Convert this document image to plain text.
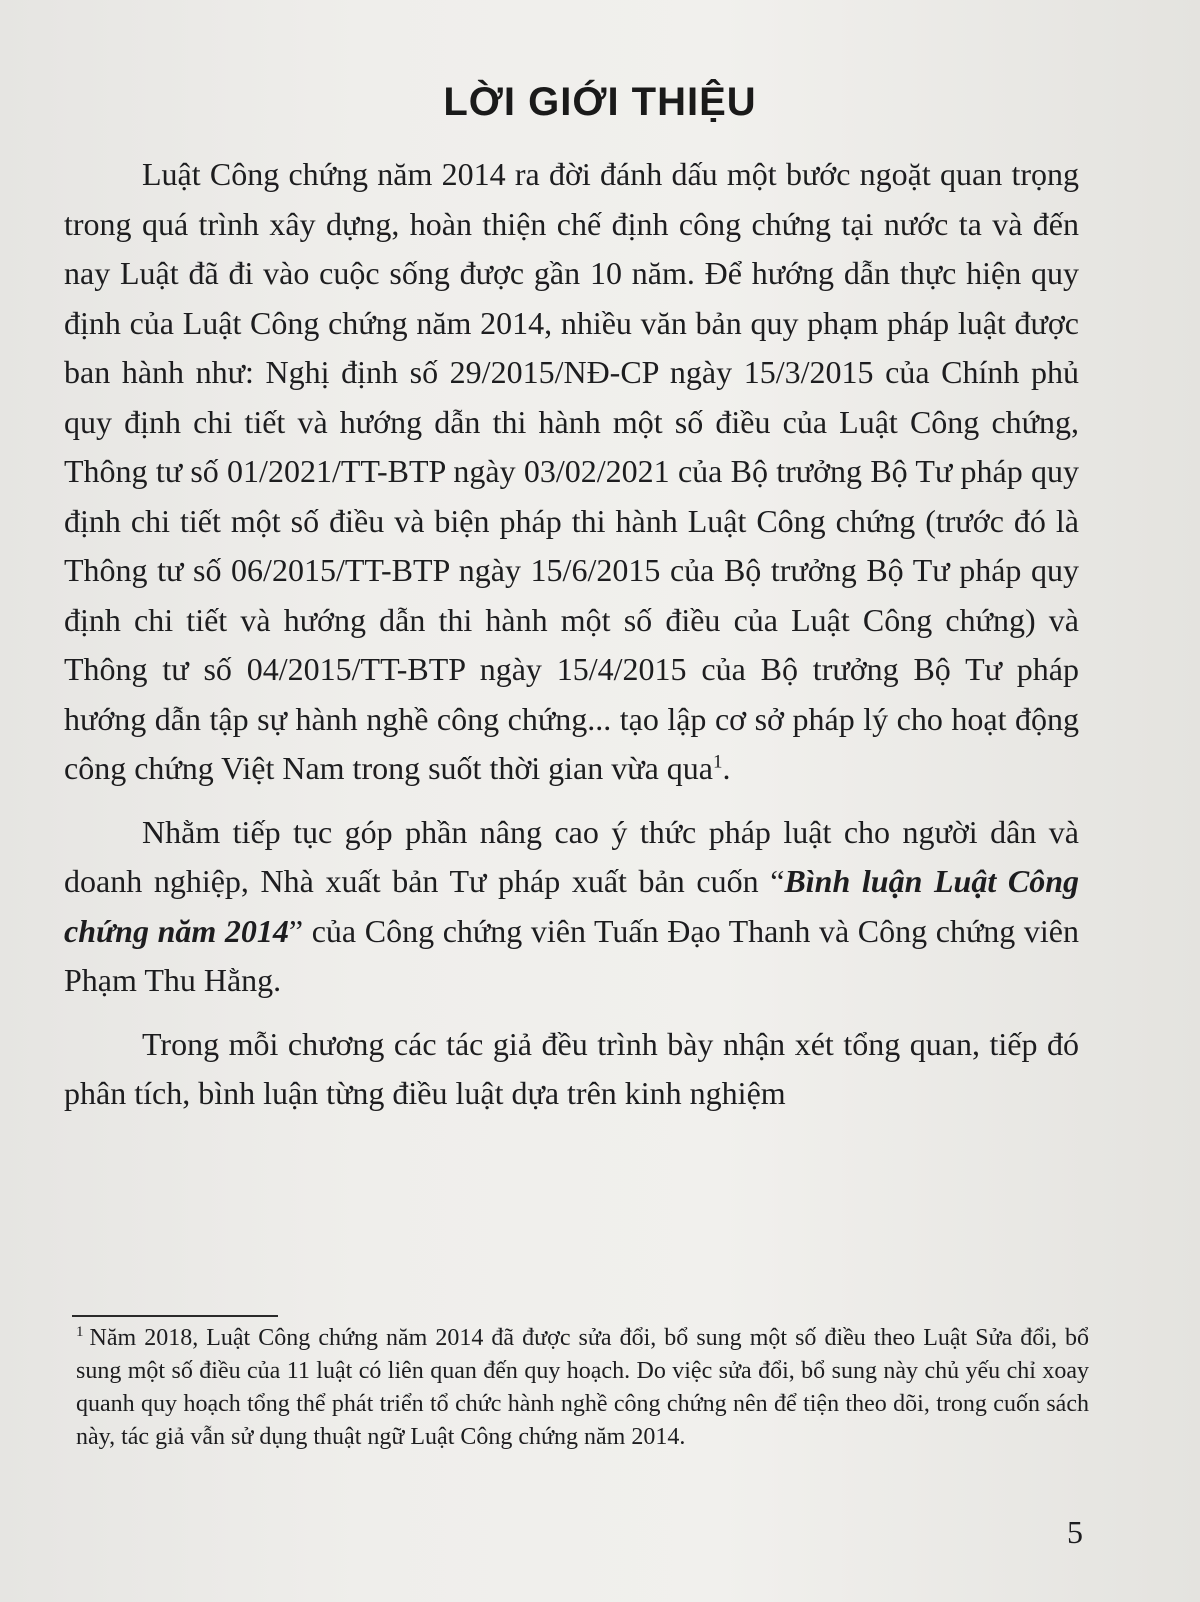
LỜI GIỚI THIỆU

Luật Công chứng năm 2014 ra đời đánh dấu một bước ngoặt quan trọng trong quá trình xây dựng, hoàn thiện chế định công chứng tại nước ta và đến nay Luật đã đi vào cuộc sống được gần 10 năm. Để hướng dẫn thực hiện quy định của Luật Công chứng năm 2014, nhiều văn bản quy phạm pháp luật được ban hành như: Nghị định số 29/2015/NĐ-CP ngày 15/3/2015 của Chính phủ quy định chi tiết và hướng dẫn thi hành một số điều của Luật Công chứng, Thông tư số 01/2021/TT-BTP ngày 03/02/2021 của Bộ trưởng Bộ Tư pháp quy định chi tiết một số điều và biện pháp thi hành Luật Công chứng (trước đó là Thông tư số 06/2015/TT-BTP ngày 15/6/2015 của Bộ trưởng Bộ Tư pháp quy định chi tiết và hướng dẫn thi hành một số điều của Luật Công chứng) và Thông tư số 04/2015/TT-BTP ngày 15/4/2015 của Bộ trưởng Bộ Tư pháp hướng dẫn tập sự hành nghề công chứng... tạo lập cơ sở pháp lý cho hoạt động công chứng Việt Nam trong suốt thời gian vừa qua$^1$.

Nhằm tiếp tục góp phần nâng cao ý thức pháp luật cho người dân và doanh nghiệp, Nhà xuất bản Tư pháp xuất bản cuốn “Bình luận Luật Công chứng năm 2014” của Công chứng viên Tuấn Đạo Thanh và Công chứng viên Phạm Thu Hằng.

Trong mỗi chương các tác giả đều trình bày nhận xét tổng quan, tiếp đó phân tích, bình luận từng điều luật dựa trên kinh nghiệm

$^1$ Năm 2018, Luật Công chứng năm 2014 đã được sửa đổi, bổ sung một số điều theo Luật Sửa đổi, bổ sung một số điều của 11 luật có liên quan đến quy hoạch. Do việc sửa đổi, bổ sung này chủ yếu chỉ xoay quanh quy hoạch tổng thể phát triển tổ chức hành nghề công chứng nên để tiện theo dõi, trong cuốn sách này, tác giả vẫn sử dụng thuật ngữ Luật Công chứng năm 2014.

5
